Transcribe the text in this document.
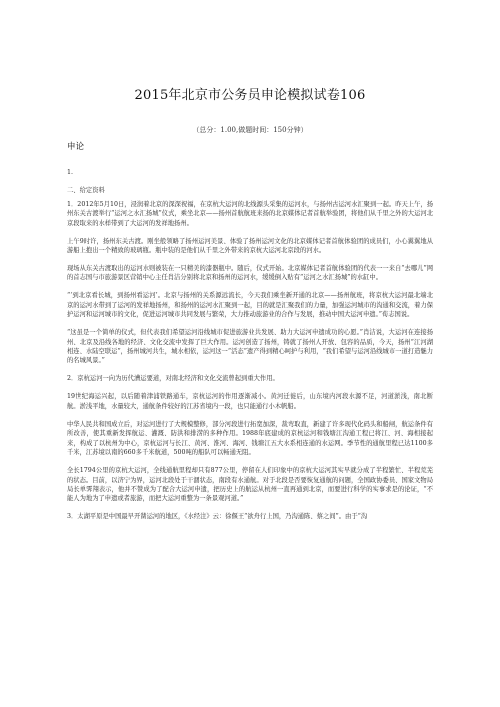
2015年北京市公务员申论模拟试卷106
（总分：1.00,做题时间：150分钟）
申论

1.

二、给定资料

1．2012年5月10日，浸润着北京的深深祝福，在京杭大运河的北线源头采集的运河水，与扬州古运河水汇聚到一起。昨天上午，扬州东关古渡举行“运河之水汇扬城”仪式，乘坐北京——扬州首航航班来扬的北京媒体记者首航举验团，将他们从千里之外的大运河北京段取来的水样带到了大运河的发祥地扬州。

上午9时许，扬州东关古渡。刚坐般领略了扬州运河美景、体验了扬州运河文化的北京媒体记者首航体验团的成员们，小心翼翼地从游船上抱出一个精致的玻璃瓶。瓶中装的是他们从千里之外带来的京杭大运河北京段的河水。

现场从东关古渡取出的运河水则被装在一只精美的漆器瓶中。随后，仪式开始。北京媒体记者首航体验团的代表一一来自“去哪儿”网的首志国与市旅游景区营销中心主任肖洁分别将北京和扬州的运河水，缓缓倒入贴有“运河之水汇扬城”的水缸中。

“‘到北京看长城，到扬州看运河’。北京与扬州的关系源远流长，今天我们乘坐新开通的北京——扬州航班，将京杭大运河最北端北京的运河水带到了运河的发祥地扬州，和扬州的运河水汇聚到一起，目的就是汇聚我们的力量，加强运河城市的沟通和交流，着力保护运河和运河城市的文化，促进运河城市共同发展与繁荣，大力推动旅游业的合作与发展，推动中国大运河申遗。”荀志国说。

“这虽是一个简单的仪式，但代表我们希望运河沿线城市促进旅游业共发展、助力大运河申遗成功的心愿。”肖洁说，大运河在连接扬州、北京及沿线各地的经济、文化交流中发挥了巨大作用。运河创造了扬州，铸就了扬州人开放、包容的品质，今天，扬州“江河湖相连、水陆空联运”，扬州城河共生，城水相依，运河这一“活态”遗产得到精心呵护与利用，“我们希望与运河沿线城市一道打造魅力的名城风景。”

2．京杭运河一向为历代漕运要道，对南北经济和文化交流曾起到重大作用。

19世纪海运兴起，以后随着津浦铁路通车，京杭运河的作用逐渐减小。黄河迁徙后，山东境内河段水源不足，河道淤浅，南北断航。淤浅平地，水量较大，通航条件较好的江苏省境内一段，也只能通行小木帆船。

中华人民共和国成立后，对运河进行了大规模整修，部分河段进行拓宽加深，裁弯取直，新建了许多现代化码头和船闸，航运条件有所改善，使其重新发挥航运、灌溉、防洪和排涝的多种作用。1988年底建成的京杭运河和钱塘江沟通工程已将江、河、海相接起来，构成了以杭州为中心，京杭运河与长江、黄河、淮河、海河、钱塘江五大水系相连通的水运网。季节性的通航里程已达1100多千米，江苏境以南的660多千米航道，500吨的船队可以畅通无阻。

全长1794公里的京杭大运河，全线通航里程却只有877公里，停留在人们印象中的京杭大运河其实早就分成了半程繁忙、半程荒芜的状态。目前，以济宁为界，运河北段处于干涸状态，南段有水通航。对于北段是否要恢复通航的问题，全国政协委员、国家文物局局长单霁翔表示，他并不赞成为了配合大运河申遗，把历史上的航运从杭州一直再通到北京，而要进行科学的实事求是的论证，“不能人为地为了申遗或者旅游，而把大运河重整为一条景观河道。”

3．太湖平原是中国最早开凿运河的地区，《水经注》云：徐偃王“欲舟行上国，乃沟通陈、蔡之间”。由于“沟
